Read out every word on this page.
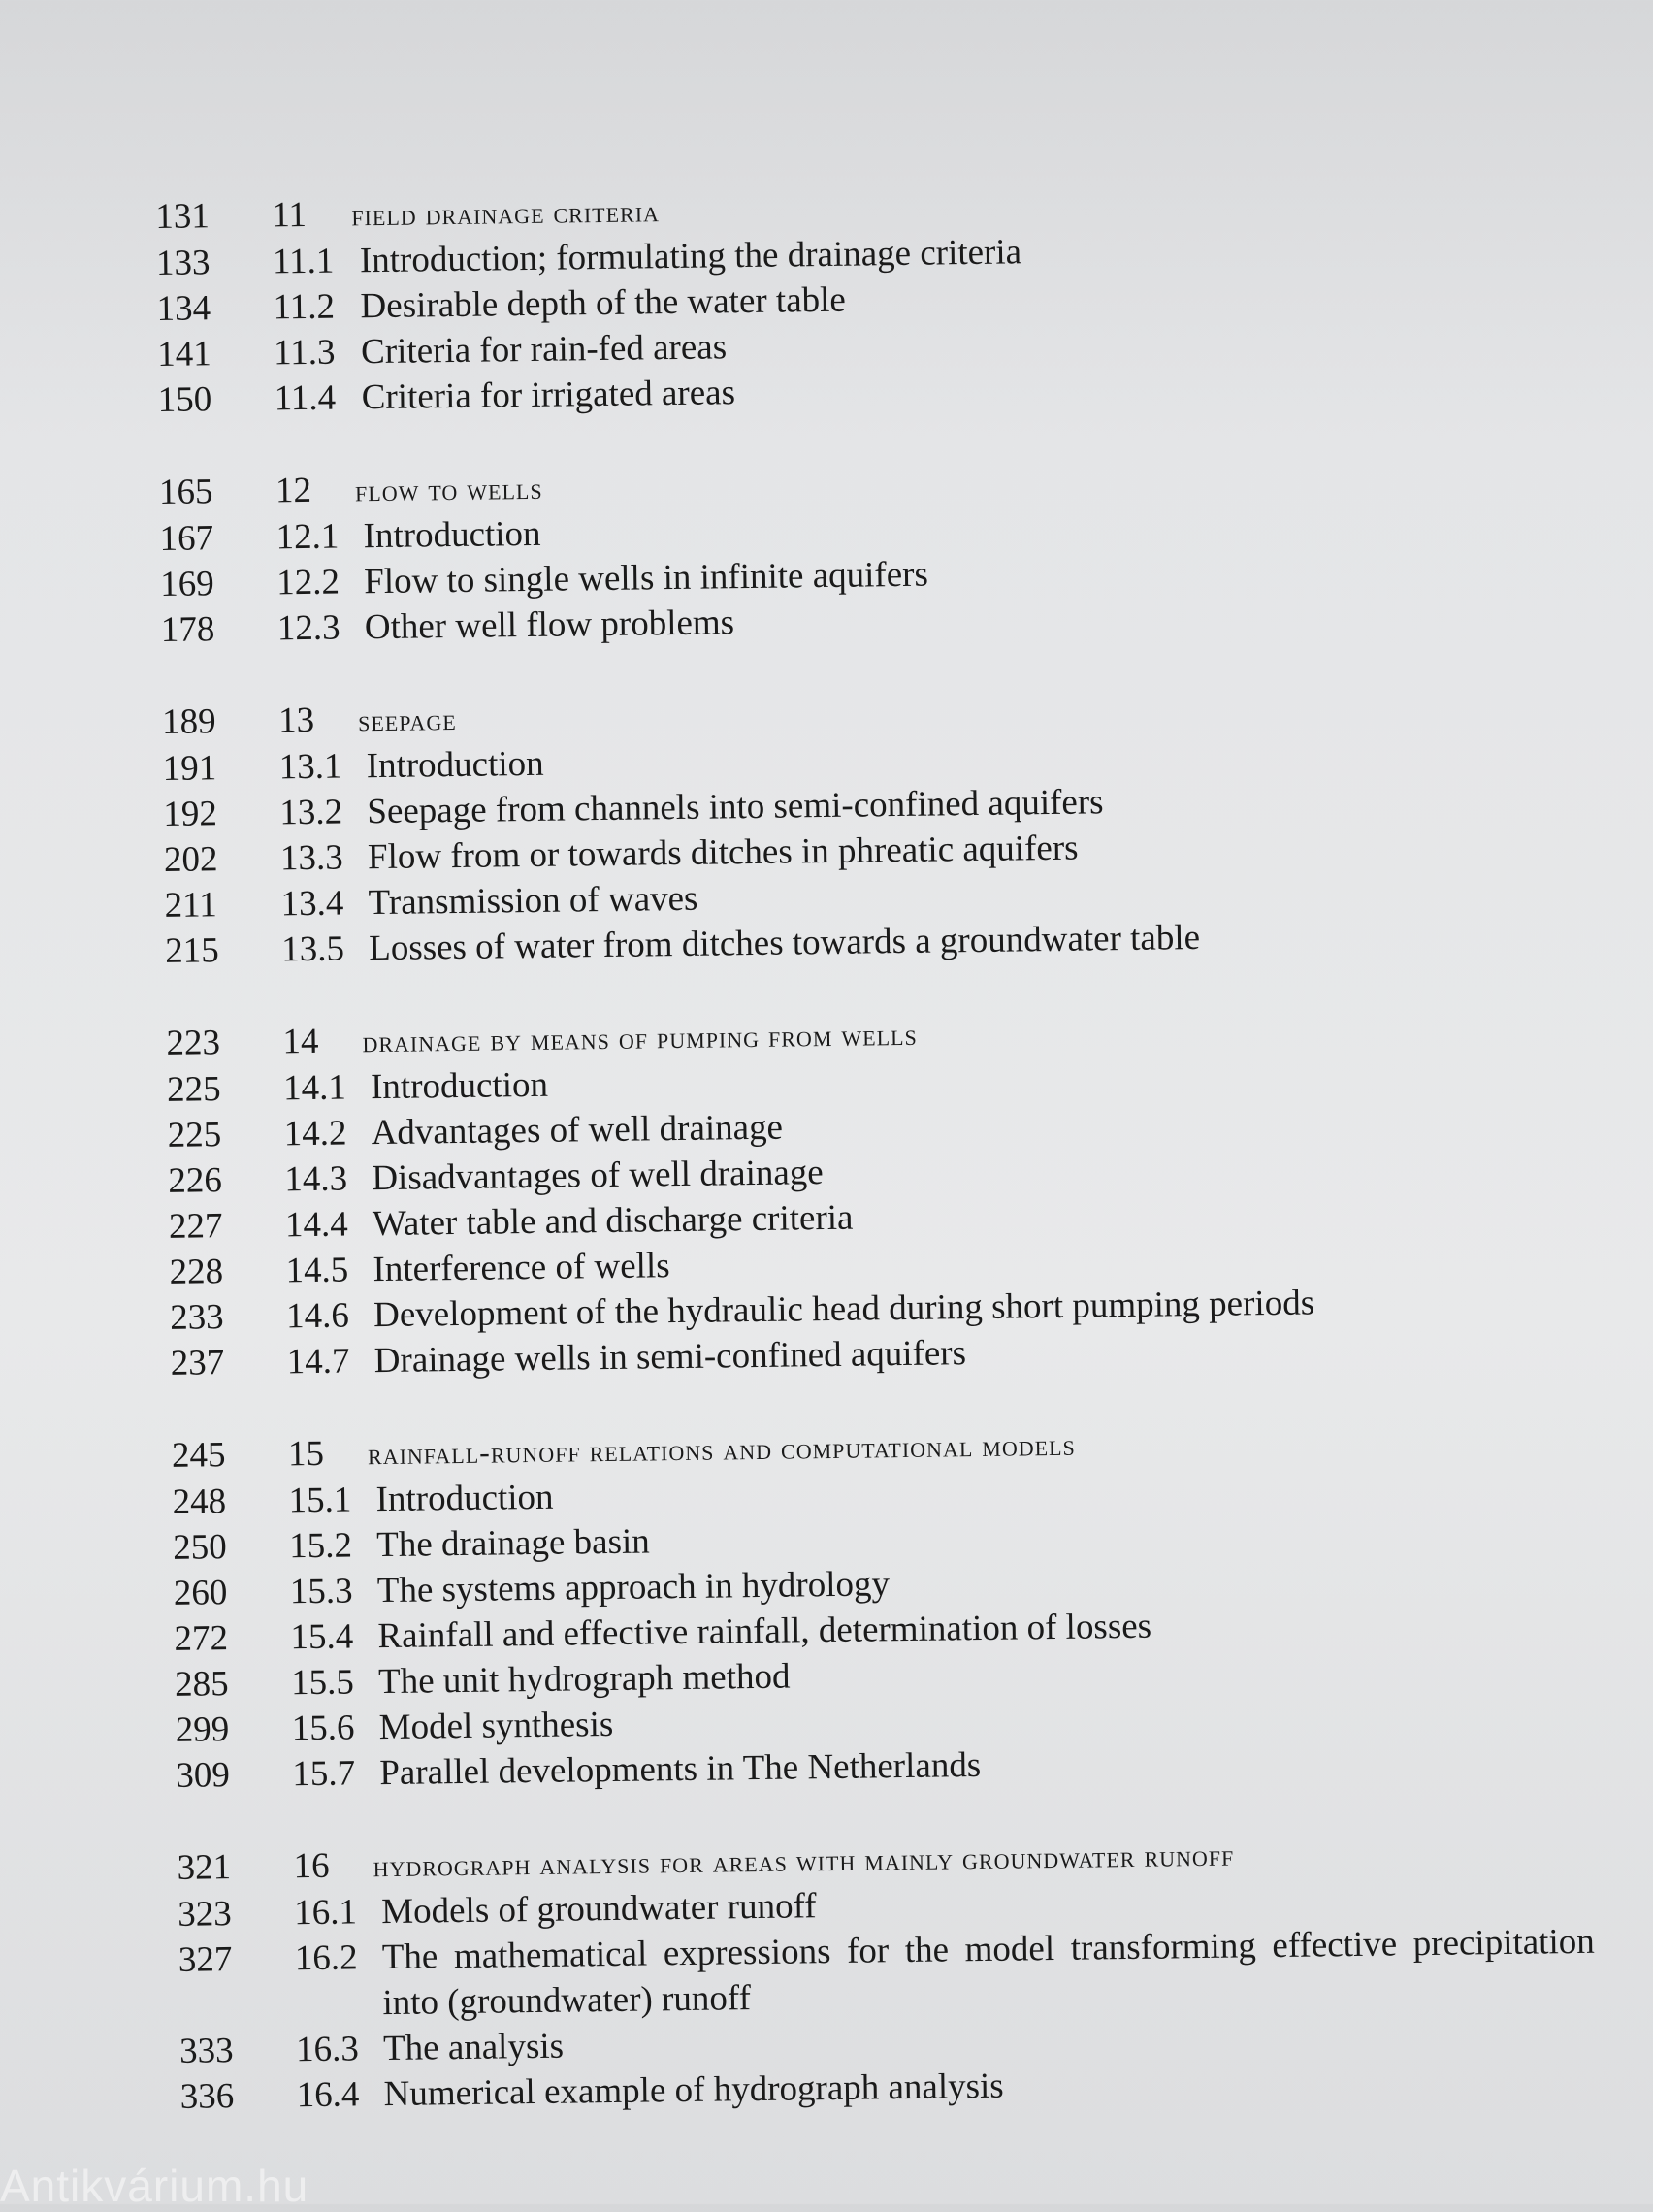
131	11	field drainage criteria
133	11.1 Introduction; formulating the drainage criteria
134	11.2 Desirable depth of the water table
141	11.3 Criteria for rain-fed areas
150	11.4 Criteria for irrigated areas
165	12	flow to wells
167	12.1 Introduction
169	12.2 Flow to single wells in infinite aquifers
178	12.3 Other well flow problems
189	13	seepage
191	13.1 Introduction
192	13.2 Seepage from channels into semi-confined aquifers
202	13.3 Flow from or towards ditches in phreatic aquifers
211	13.4 Transmission of waves
215	13.5 Losses of water from ditches towards a groundwater table
223	14	drainage by means of pumping from wells
225	14.1 Introduction
225	14.2 Advantages of well drainage
226	14.3 Disadvantages of well drainage
227	14.4 Water table and discharge criteria
228	14.5 Interference of wells
233	14.6 Development of the hydraulic head during short pumping periods
237	14.7 Drainage wells in semi-confined aquifers
245	15	rainfall-runoff relations and computational models
248	15.1 Introduction
250	15.2 The drainage basin
260	15.3 The systems approach in hydrology
272	15.4 Rainfall and effective rainfall, determination of losses
285	15.5 The unit hydrograph method
299	15.6 Model synthesis
309	15.7 Parallel developments in The Netherlands
321	16	hydrograph analysis for areas with mainly groundwater runoff
323	16.1 Models of groundwater runoff
327	16.2 The mathematical expressions for the model transforming effective precipitation into (groundwater) runoff
333	16.3 The analysis
336	16.4 Numerical example of hydrograph analysis
Antikvárium.hu
